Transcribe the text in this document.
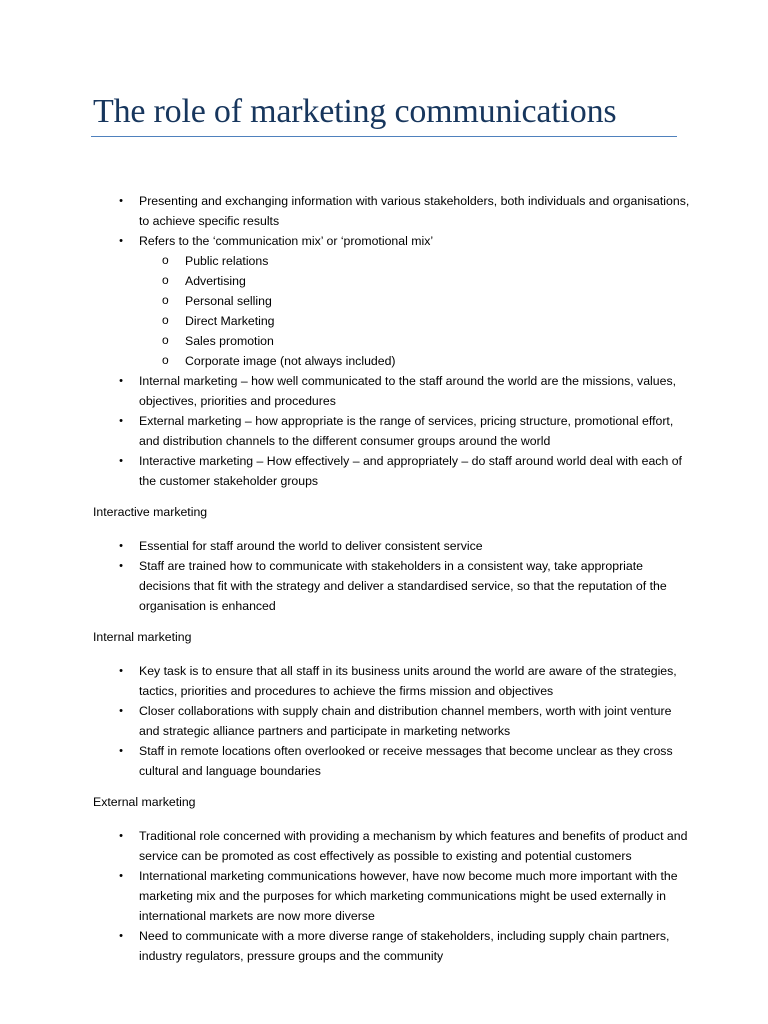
The role of marketing communications
• Presenting and exchanging information with various stakeholders, both individuals and organisations, to achieve specific results
• Refers to the ‘communication mix’ or ‘promotional mix’
o Public relations
o Advertising
o Personal selling
o Direct Marketing
o Sales promotion
o Corporate image (not always included)
• Internal marketing – how well communicated to the staff around the world are the missions, values, objectives, priorities and procedures
• External marketing – how appropriate is the range of services, pricing structure, promotional effort, and distribution channels to the different consumer groups around the world
• Interactive marketing – How effectively – and appropriately – do staff around world deal with each of the customer stakeholder groups
Interactive marketing
• Essential for staff around the world to deliver consistent service
• Staff are trained how to communicate with stakeholders in a consistent way, take appropriate decisions that fit with the strategy and deliver a standardised service, so that the reputation of the organisation is enhanced
Internal marketing
• Key task is to ensure that all staff in its business units around the world are aware of the strategies, tactics, priorities and procedures to achieve the firms mission and objectives
• Closer collaborations with supply chain and distribution channel members, worth with joint venture and strategic alliance partners and participate in marketing networks
• Staff in remote locations often overlooked or receive messages that become unclear as they cross cultural and language boundaries
External marketing
• Traditional role concerned with providing a mechanism by which features and benefits of product and service can be promoted as cost effectively as possible to existing and potential customers
• International marketing communications however, have now become much more important with the marketing mix and the purposes for which marketing communications might be used externally in international markets are now more diverse
• Need to communicate with a more diverse range of stakeholders, including supply chain partners, industry regulators, pressure groups and the community
